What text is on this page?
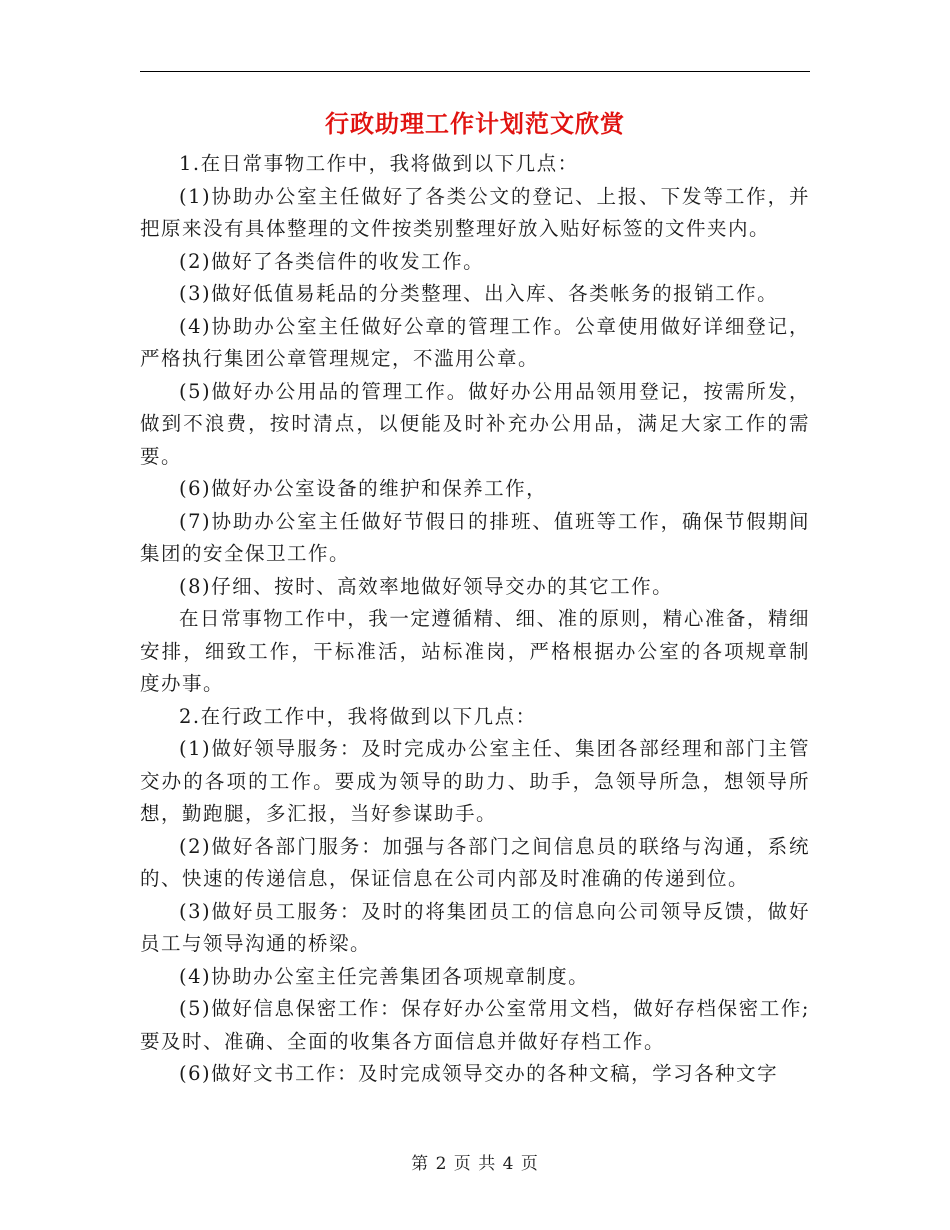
行政助理工作计划范文欣赏

1.在日常事物工作中，我将做到以下几点：

(1)协助办公室主任做好了各类公文的登记、上报、下发等工作，并把原来没有具体整理的文件按类别整理好放入贴好标签的文件夹内。

(2)做好了各类信件的收发工作。

(3)做好低值易耗品的分类整理、出入库、各类帐务的报销工作。

(4)协助办公室主任做好公章的管理工作。公章使用做好详细登记，严格执行集团公章管理规定，不滥用公章。

(5)做好办公用品的管理工作。做好办公用品领用登记，按需所发，做到不浪费，按时清点，以便能及时补充办公用品，满足大家工作的需要。

(6)做好办公室设备的维护和保养工作，

(7)协助办公室主任做好节假日的排班、值班等工作，确保节假期间集团的安全保卫工作。

(8)仔细、按时、高效率地做好领导交办的其它工作。

在日常事物工作中，我一定遵循精、细、准的原则，精心准备，精细安排，细致工作，干标准活，站标准岗，严格根据办公室的各项规章制度办事。

2.在行政工作中，我将做到以下几点：

(1)做好领导服务：及时完成办公室主任、集团各部经理和部门主管交办的各项的工作。要成为领导的助力、助手，急领导所急，想领导所想，勤跑腿，多汇报，当好参谋助手。

(2)做好各部门服务：加强与各部门之间信息员的联络与沟通，系统的、快速的传递信息，保证信息在公司内部及时准确的传递到位。

(3)做好员工服务：及时的将集团员工的信息向公司领导反馈，做好员工与领导沟通的桥梁。

(4)协助办公室主任完善集团各项规章制度。

(5)做好信息保密工作：保存好办公室常用文档，做好存档保密工作;要及时、准确、全面的收集各方面信息并做好存档工作。

(6)做好文书工作：及时完成领导交办的各种文稿，学习各种文字

第 2 页 共 4 页
